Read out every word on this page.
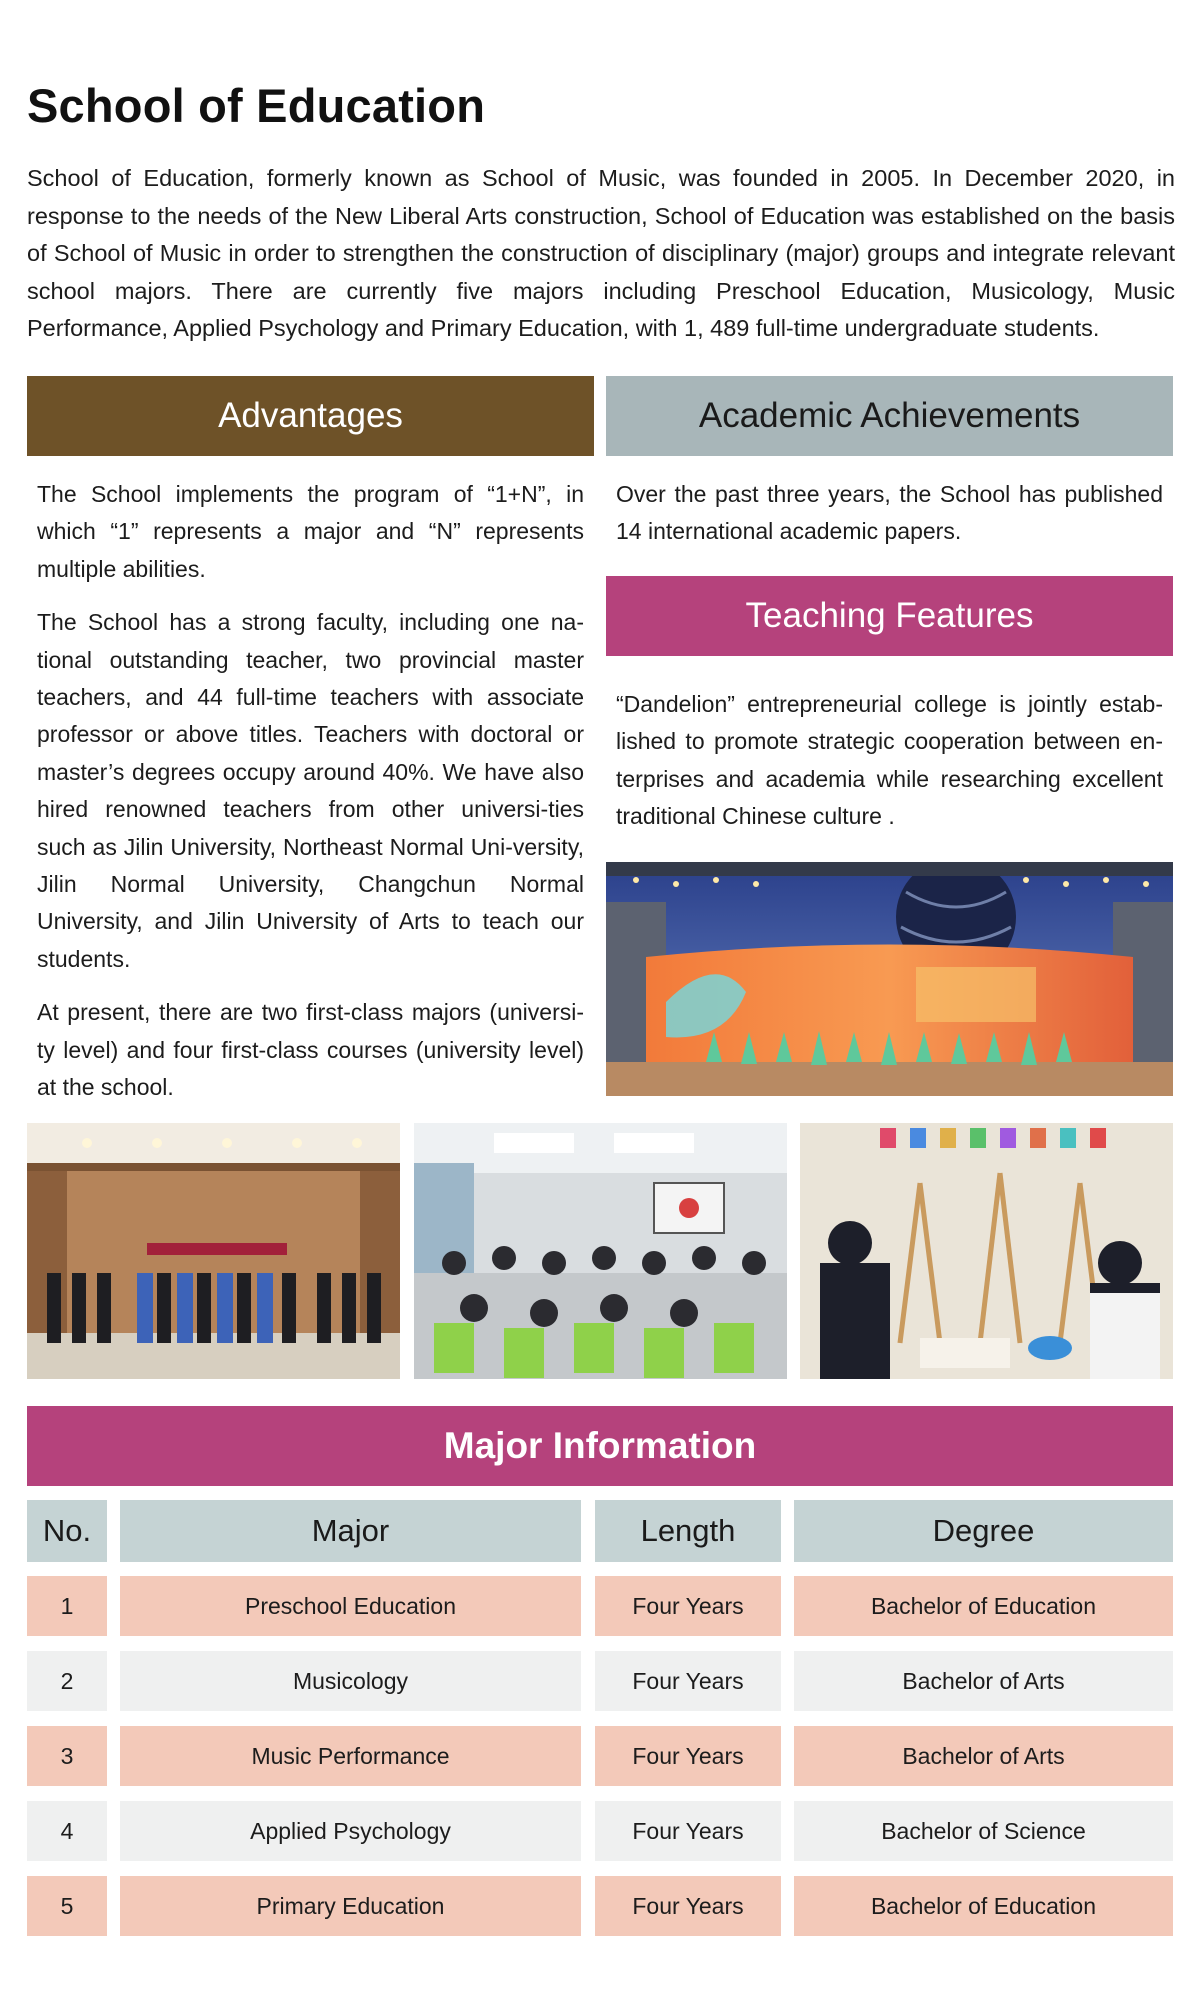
School of Education

School of Education, formerly known as School of Music, was founded in 2005. In December 2020, in response to the needs of the New Liberal Arts construction, School of Education was established on the basis of School of Music in order to strengthen the construction of disciplinary (major) groups and integrate relevant school majors. There are currently five majors including Preschool Education, Musicology, Music Performance, Applied Psychology and Primary Education, with 1, 489 full-time undergraduate students.

Advantages

The School implements the program of “1+N”, in which “1” represents a major and “N” represents multiple abilities.

The School has a strong faculty, including one na-tional outstanding teacher, two provincial master teachers, and 44 full-time teachers with associate professor or above titles. Teachers with doctoral or master’s degrees occupy around 40%. We have also hired renowned teachers from other universi-ties such as Jilin University, Northeast Normal Uni-versity, Jilin Normal University, Changchun Normal University, and Jilin University of Arts to teach our students.

At present, there are two first-class majors (universi-ty level) and four first-class courses (university level) at the school.

Academic Achievements

Over the past three years, the School has published 14 international academic papers.

Teaching Features

“Dandelion” entrepreneurial college is jointly estab-lished to promote strategic cooperation between en-terprises and academia while researching excellent traditional Chinese culture .

Major Information
No.	Major	Length	Degree
1	Preschool Education	Four Years	Bachelor of Education
2	Musicology	Four Years	Bachelor of Arts
3	Music Performance	Four Years	Bachelor of Arts
4	Applied Psychology	Four Years	Bachelor of Science
5	Primary Education	Four Years	Bachelor of Education
